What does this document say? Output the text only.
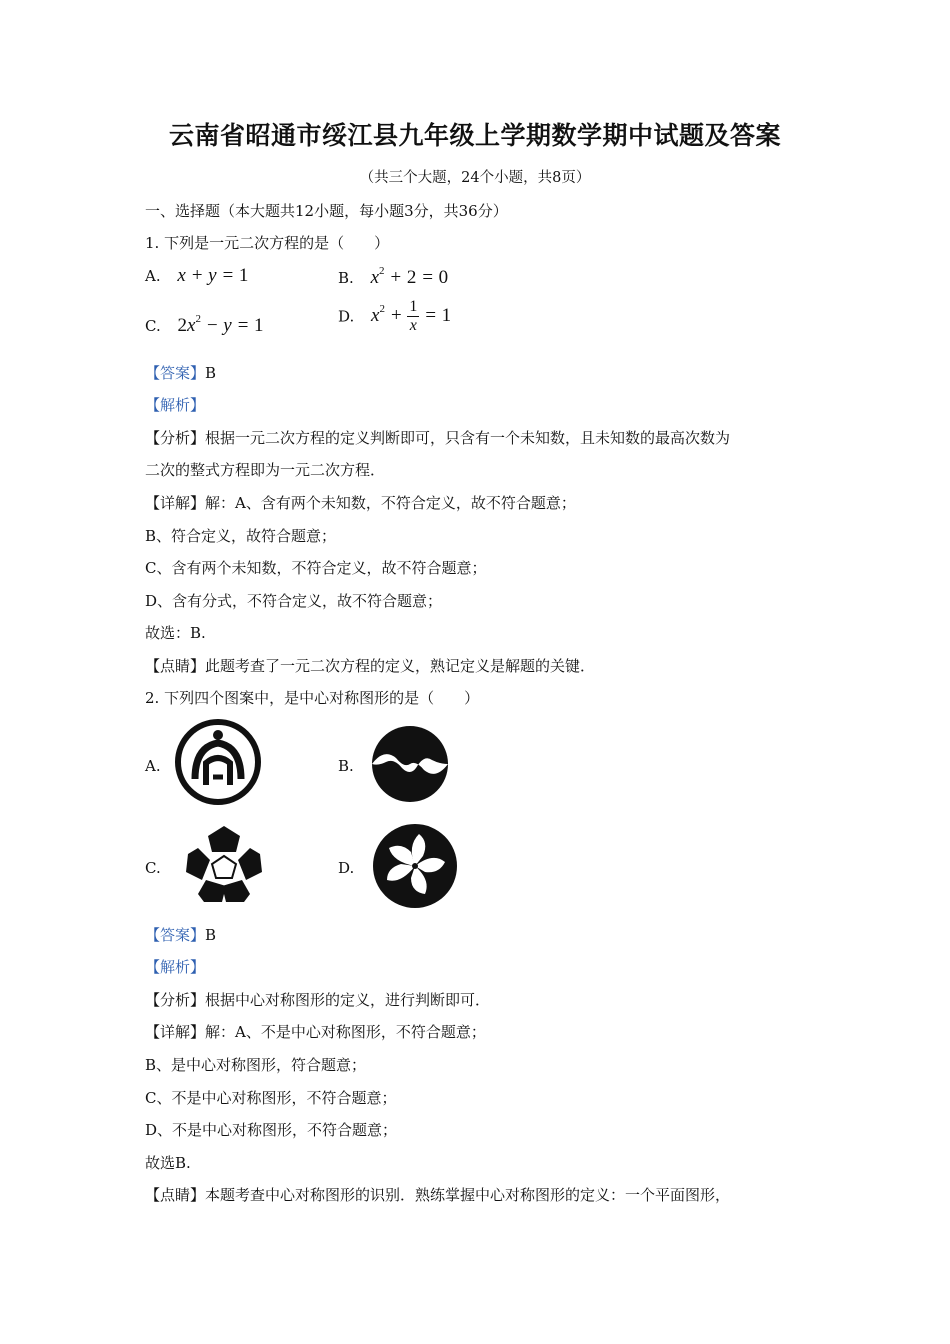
云南省昭通市绥江县九年级上学期数学期中试题及答案
（共三个大题，24个小题，共8页）
一、选择题（本大题共12小题，每小题3分，共36分）
1. 下列是一元二次方程的是（　　）
A. x + y = 1	B. $x^2 + 2 = 0$
C. $2x^2 - y = 1$	D. $x^2 + \frac{1}{x} = 1$
【答案】B
【解析】
【分析】根据一元二次方程的定义判断即可，只含有一个未知数，且未知数的最高次数为
二次的整式方程即为一元二次方程．
【详解】解：A、含有两个未知数，不符合定义，故不符合题意；
B、符合定义，故符合题意；
C、含有两个未知数，不符合定义，故不符合题意；
D、含有分式，不符合定义，故不符合题意；
故选：B.
【点睛】此题考查了一元二次方程的定义，熟记定义是解题的关键．
2. 下列四个图案中，是中心对称图形的是（　　）
A.	B.
C.	D.
【答案】B
【解析】
【分析】根据中心对称图形的定义，进行判断即可．
【详解】解：A、不是中心对称图形，不符合题意；
B、是中心对称图形，符合题意；
C、不是中心对称图形，不符合题意；
D、不是中心对称图形，不符合题意；
故选B.
【点睛】本题考查中心对称图形的识别．熟练掌握中心对称图形的定义：一个平面图形，
